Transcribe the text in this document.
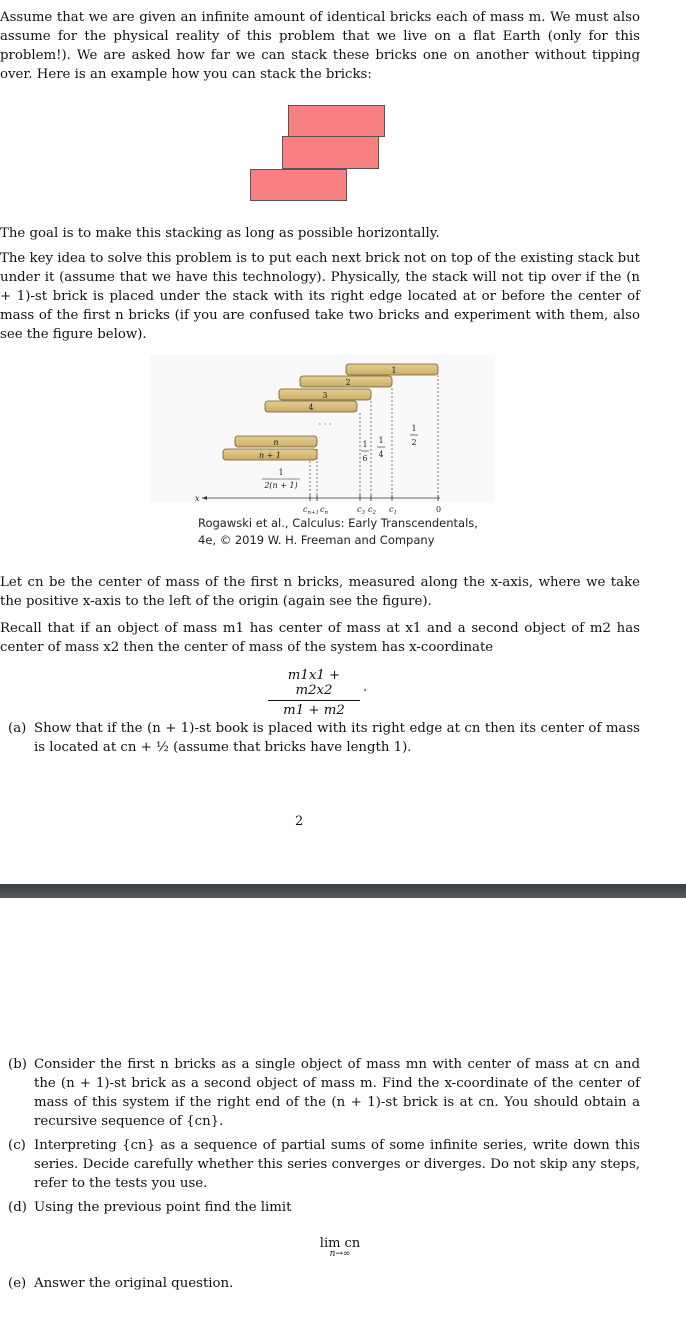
Assume that we are given an infinite amount of identical bricks each of mass m. We must also assume for the physical reality of this problem that we live on a flat Earth (only for this problem!). We are asked how far we can stack these bricks one on another without tipping over. Here is an example how you can stack the bricks:

The goal is to make this stacking as long as possible horizontally.

The key idea to solve this problem is to put each next brick not on top of the existing stack but under it (assume that we have this technology). Physically, the stack will not tip over if the (n + 1)-st brick is placed under the stack with its right edge located at or before the center of mass of the first n bricks (if you are confused take two bricks and experiment with them, also see the figure below).

1
2
3
4
n
n + 1
· · ·	1
2
1
4
1
6
1
2(n + 1)
x
$c_{n+1}$ $c_n$	$c_3$ $c_2$ $c_1$	0
Rogawski et al., Calculus: Early Transcendentals,
4e, © 2019 W. H. Freeman and Company

Let cn be the center of mass of the first n bricks, measured along the x-axis, where we take the positive x-axis to the left of the origin (again see the figure).

Recall that if an object of mass m1 has center of mass at x1 and a second object of m2 has center of mass x2 then the center of mass of the system has x-coordinate

$\frac{m1x1 + m2x2}{m1 + m2}$ .
(a) Show that if the (n + 1)-st book is placed with its right edge at cn then its center of mass is located at cn + ½ (assume that bricks have length 1).
2
(b) Consider the first n bricks as a single object of mass mn with center of mass at cn and the (n + 1)-st brick as a second object of mass m. Find the x-coordinate of the center of mass of this system if the right end of the (n + 1)-st brick is at cn. You should obtain a recursive sequence of {cn}.
(c) Interpreting {cn} as a sequence of partial sums of some infinite series, write down this series. Decide carefully whether this series converges or diverges. Do not skip any steps, refer to the tests you use.
(d) Using the previous point find the limit
lim cn
n→∞
(e) Answer the original question.
